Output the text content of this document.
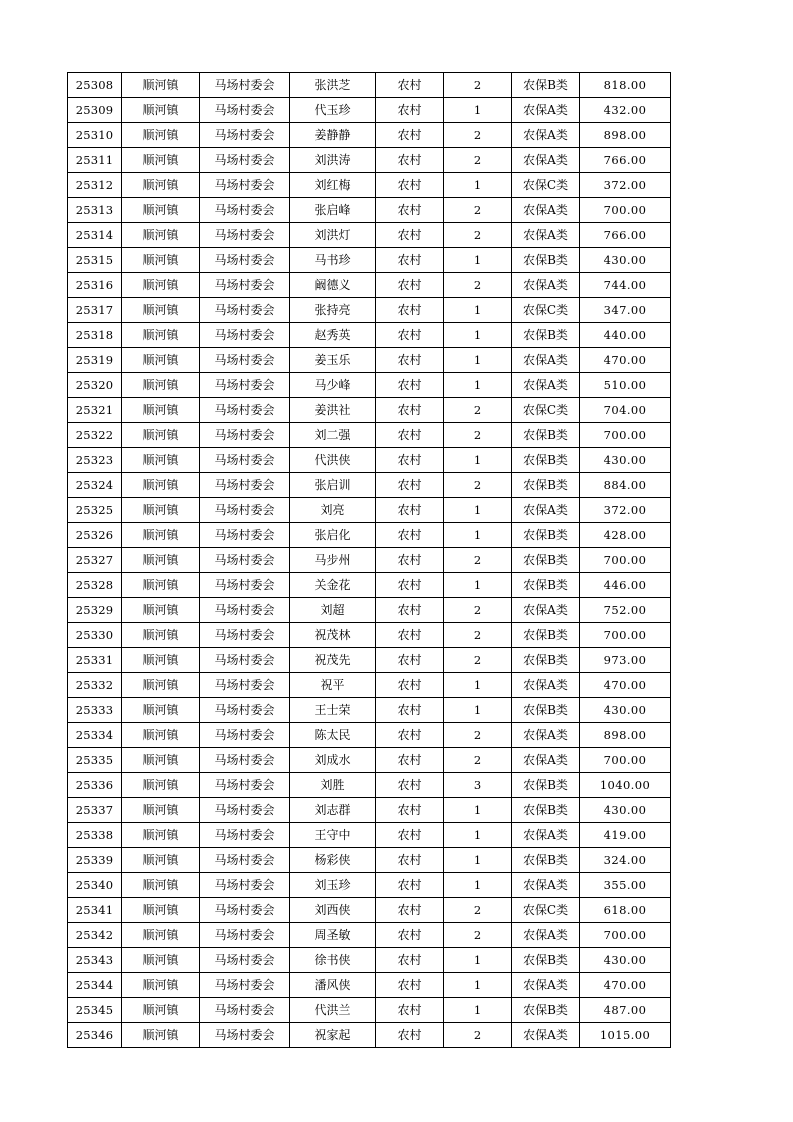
25308	顺河镇	马场村委会	张洪芝	农村	2	农保B类	818.00
25309	顺河镇	马场村委会	代玉珍	农村	1	农保A类	432.00
25310	顺河镇	马场村委会	姜静静	农村	2	农保A类	898.00
25311	顺河镇	马场村委会	刘洪涛	农村	2	农保A类	766.00
25312	顺河镇	马场村委会	刘红梅	农村	1	农保C类	372.00
25313	顺河镇	马场村委会	张启峰	农村	2	农保A类	700.00
25314	顺河镇	马场村委会	刘洪灯	农村	2	农保A类	766.00
25315	顺河镇	马场村委会	马书珍	农村	1	农保B类	430.00
25316	顺河镇	马场村委会	阚德义	农村	2	农保A类	744.00
25317	顺河镇	马场村委会	张持亮	农村	1	农保C类	347.00
25318	顺河镇	马场村委会	赵秀英	农村	1	农保B类	440.00
25319	顺河镇	马场村委会	姜玉乐	农村	1	农保A类	470.00
25320	顺河镇	马场村委会	马少峰	农村	1	农保A类	510.00
25321	顺河镇	马场村委会	姜洪社	农村	2	农保C类	704.00
25322	顺河镇	马场村委会	刘二强	农村	2	农保B类	700.00
25323	顺河镇	马场村委会	代洪侠	农村	1	农保B类	430.00
25324	顺河镇	马场村委会	张启训	农村	2	农保B类	884.00
25325	顺河镇	马场村委会	刘亮	农村	1	农保A类	372.00
25326	顺河镇	马场村委会	张启化	农村	1	农保B类	428.00
25327	顺河镇	马场村委会	马步州	农村	2	农保B类	700.00
25328	顺河镇	马场村委会	关金花	农村	1	农保B类	446.00
25329	顺河镇	马场村委会	刘超	农村	2	农保A类	752.00
25330	顺河镇	马场村委会	祝茂林	农村	2	农保B类	700.00
25331	顺河镇	马场村委会	祝茂先	农村	2	农保B类	973.00
25332	顺河镇	马场村委会	祝平	农村	1	农保A类	470.00
25333	顺河镇	马场村委会	王士荣	农村	1	农保B类	430.00
25334	顺河镇	马场村委会	陈太民	农村	2	农保A类	898.00
25335	顺河镇	马场村委会	刘成水	农村	2	农保A类	700.00
25336	顺河镇	马场村委会	刘胜	农村	3	农保B类	1040.00
25337	顺河镇	马场村委会	刘志群	农村	1	农保B类	430.00
25338	顺河镇	马场村委会	王守中	农村	1	农保A类	419.00
25339	顺河镇	马场村委会	杨彩侠	农村	1	农保B类	324.00
25340	顺河镇	马场村委会	刘玉珍	农村	1	农保A类	355.00
25341	顺河镇	马场村委会	刘西侠	农村	2	农保C类	618.00
25342	顺河镇	马场村委会	周圣敏	农村	2	农保A类	700.00
25343	顺河镇	马场村委会	徐书侠	农村	1	农保B类	430.00
25344	顺河镇	马场村委会	潘风侠	农村	1	农保A类	470.00
25345	顺河镇	马场村委会	代洪兰	农村	1	农保B类	487.00
25346	顺河镇	马场村委会	祝家起	农村	2	农保A类	1015.00
